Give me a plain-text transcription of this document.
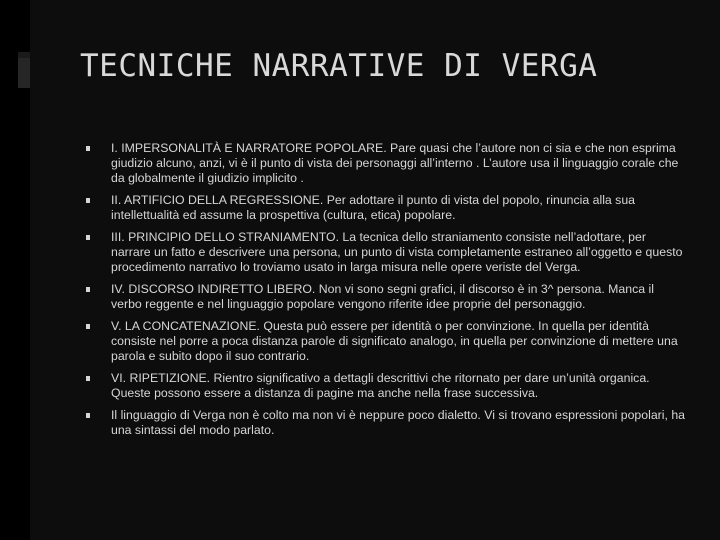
TECNICHE NARRATIVE DI VERGA
I. IMPERSONALITÀ E NARRATORE POPOLARE. Pare quasi che l’autore non ci sia e che non esprima giudizio alcuno, anzi, vi è il punto di vista dei personaggi all’interno . L’autore usa il linguaggio corale che da globalmente il giudizio implicito .
II. ARTIFICIO DELLA REGRESSIONE. Per adottare il punto di vista del popolo, rinuncia alla sua intellettualità ed assume la prospettiva (cultura, etica) popolare.
III. PRINCIPIO DELLO STRANIAMENTO. La tecnica dello straniamento consiste nell’adottare, per narrare un fatto e descrivere una persona, un punto di vista completamente estraneo all’oggetto e questo procedimento narrativo lo troviamo usato in larga misura nelle opere veriste del Verga.
IV. DISCORSO INDIRETTO LIBERO. Non vi sono segni grafici, il discorso è in 3^ persona. Manca il verbo reggente e nel linguaggio popolare vengono riferite idee proprie del personaggio.
V. LA CONCATENAZIONE. Questa può essere per identità o per convinzione. In quella per identità consiste nel porre a poca distanza parole di significato analogo, in quella per convinzione di mettere una parola e subito dopo il suo contrario.
VI. RIPETIZIONE. Rientro significativo a dettagli descrittivi che ritornato per dare un’unità organica. Queste possono essere a distanza di pagine ma anche nella frase successiva.
Il linguaggio di Verga non è colto ma non vi è neppure poco dialetto. Vi si trovano espressioni popolari, ha una sintassi del modo parlato.
